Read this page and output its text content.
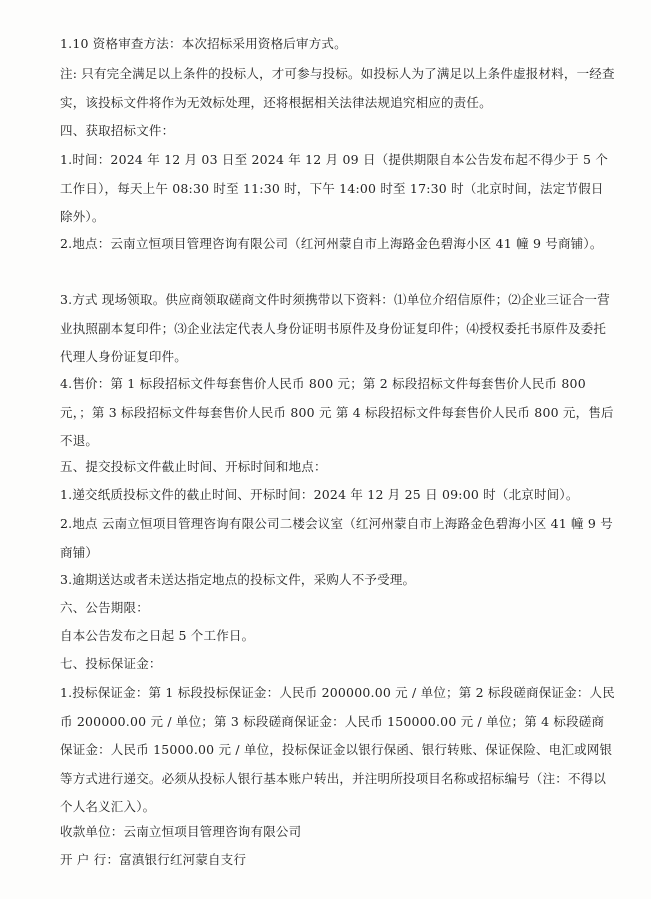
1.10 资格审查方法：本次招标采用资格后审方式。
注: 只有完全满足以上条件的投标人，才可参与投标。如投标人为了满足以上条件虚报材料，一经查实，该投标文件将作为无效标处理，还将根据相关法律法规追究相应的责任。
四、获取招标文件：
1.时间：2024 年 12 月 03 日至 2024 年 12 月 09 日（提供期限自本公告发布起不得少于 5 个工作日），每天上午 08:30 时至 11:30 时，下午 14:00 时至 17:30 时（北京时间，法定节假日除外）。
2.地点：云南立恒项目管理咨询有限公司（红河州蒙自市上海路金色碧海小区 41 幢 9 号商铺）。
3.方式 现场领取。供应商领取磋商文件时须携带以下资料：⑴单位介绍信原件；⑵企业三证合一营业执照副本复印件；⑶企业法定代表人身份证明书原件及身份证复印件；⑷授权委托书原件及委托代理人身份证复印件。
4.售价：第 1 标段招标文件每套售价人民币 800 元；第 2 标段招标文件每套售价人民币 800 元，；第 3 标段招标文件每套售价人民币 800 元 第 4 标段招标文件每套售价人民币 800 元，售后不退。
五、提交投标文件截止时间、开标时间和地点：
1.递交纸质投标文件的截止时间、开标时间：2024 年 12 月 25 日 09:00 时（北京时间）。
2.地点 云南立恒项目管理咨询有限公司二楼会议室（红河州蒙自市上海路金色碧海小区 41 幢 9 号商铺）
3.逾期送达或者未送达指定地点的投标文件，采购人不予受理。
六、公告期限：
自本公告发布之日起 5 个工作日。
七、投标保证金：
1.投标保证金：第 1 标段投标保证金：人民币 200000.00 元 / 单位；第 2 标段磋商保证金：人民币 200000.00 元 / 单位；第 3 标段磋商保证金：人民币 150000.00 元 / 单位；第 4 标段磋商保证金：人民币 15000.00 元 / 单位，投标保证金以银行保函、银行转账、保证保险、电汇或网银等方式进行递交。必须从投标人银行基本账户转出，并注明所投项目名称或招标编号（注：不得以个人名义汇入）。
收款单位：云南立恒项目管理咨询有限公司
开 户 行：富滇银行红河蒙自支行
